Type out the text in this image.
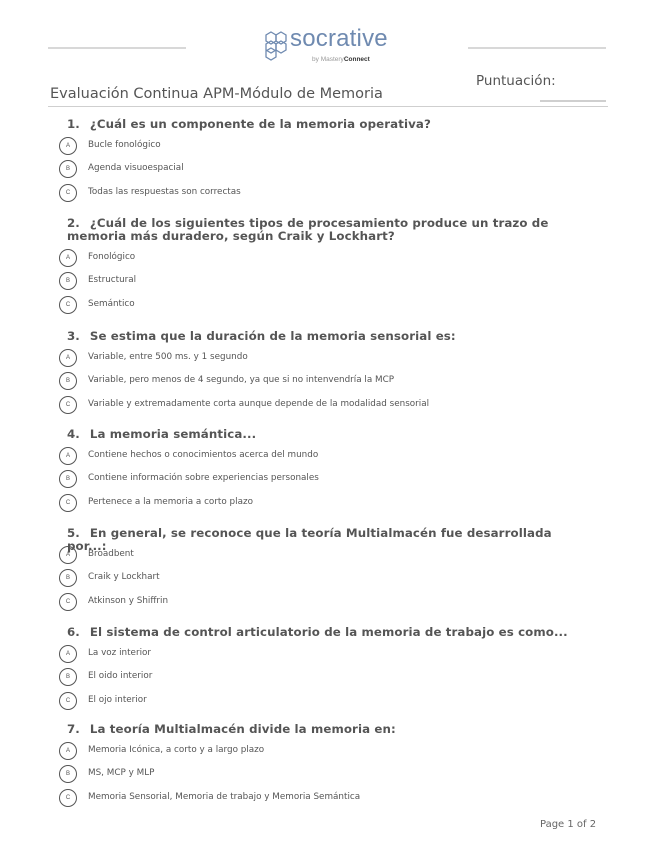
socrative
by MasteryConnect
Evaluación Continua APM-Módulo de Memoria
Puntuación:
1. ¿Cuál es un componente de la memoria operativa?
A	Bucle fonológico
B	Agenda visuoespacial
C	Todas las respuestas son correctas
2. ¿Cuál de los siguientes tipos de procesamiento produce un trazo de memoria más duradero, según Craik y Lockhart?
A	Fonológico
B	Estructural
C	Semántico
3. Se estima que la duración de la memoria sensorial es:
A	Variable, entre 500 ms. y 1 segundo
B	Variable, pero menos de 4 segundo, ya que si no intenvendría la MCP
C	Variable y extremadamente corta aunque depende de la modalidad sensorial
4. La memoria semántica...
A	Contiene hechos o conocimientos acerca del mundo
B	Contiene información sobre experiencias personales
C	Pertenece a la memoria a corto plazo
5. En general, se reconoce que la teoría Multialmacén fue desarrollada por...:
A	Broadbent
B	Craik y Lockhart
C	Atkinson y Shiffrin
6. El sistema de control articulatorio de la memoria de trabajo es como...
A	La voz interior
B	El oido interior
C	El ojo interior
7. La teoría Multialmacén divide la memoria en:
A	Memoria Icónica, a corto y a largo plazo
B	MS, MCP y MLP
C	Memoria Sensorial, Memoria de trabajo y Memoria Semántica
Page 1 of 2
